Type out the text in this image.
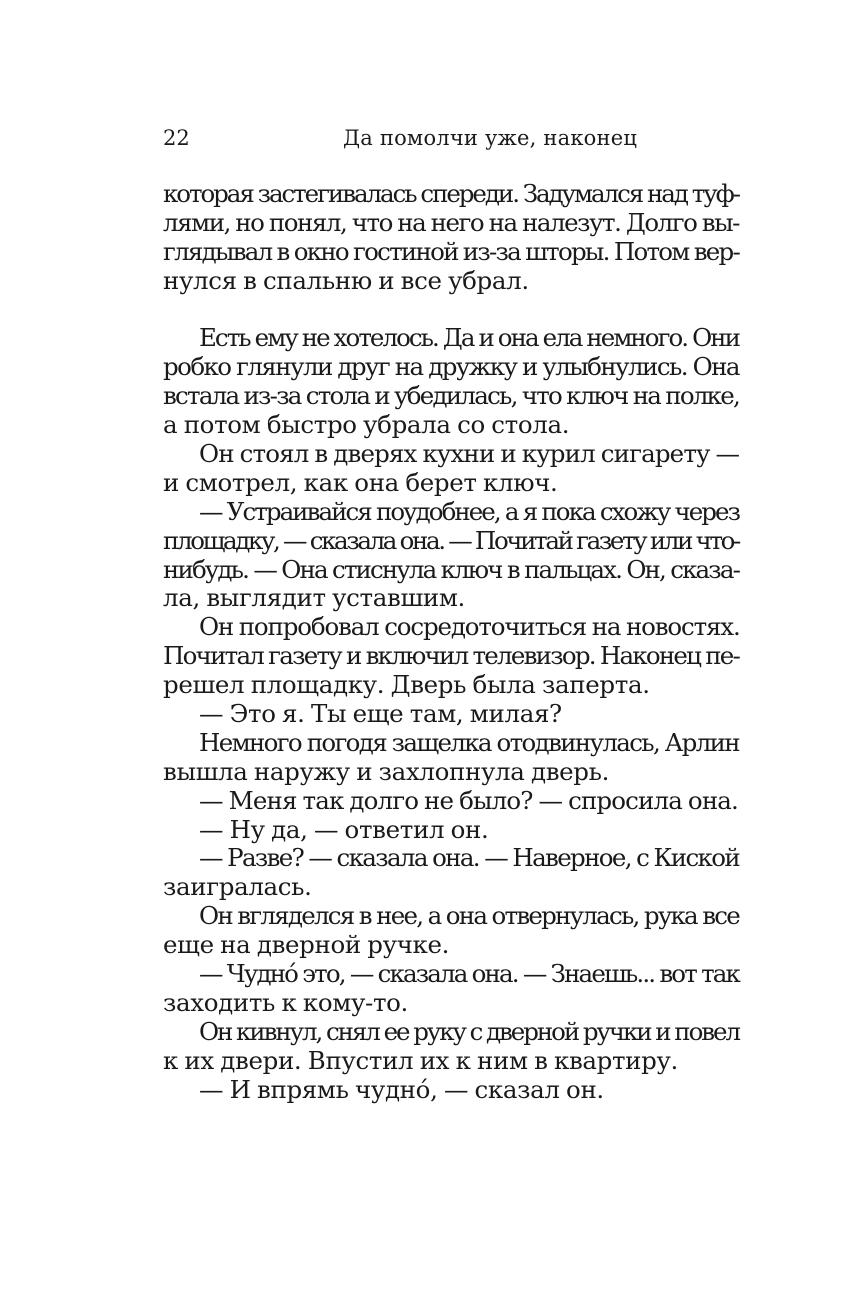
22	Да помолчи уже, наконец
которая застегивалась спереди. Задумался над туф-
лями, но понял, что на него на налезут. Долго вы-
глядывал в окно гостиной из-за шторы. Потом вер-
нулся в спальню и все убрал.
Есть ему не хотелось. Да и она ела немного. Они
робко глянули друг на дружку и улыбнулись. Она
встала из-за стола и убедилась, что ключ на полке,
а потом быстро убрала со стола.
Он стоял в дверях кухни и курил сигарету —
и смотрел, как она берет ключ.
— Устраивайся поудобнее, а я пока схожу через
площадку, — сказала она. — Почитай газету или что-
нибудь. — Она стиснула ключ в пальцах. Он, сказа-
ла, выглядит уставшим.
Он попробовал сосредоточиться на новостях.
Почитал газету и включил телевизор. Наконец пе-
решел площадку. Дверь была заперта.
— Это я. Ты еще там, милая?
Немного погодя защелка отодвинулась, Арлин
вышла наружу и захлопнула дверь.
— Меня так долго не было? — спросила она.
— Ну да, — ответил он.
— Разве? — сказала она. — Наверное, с Киской
заигралась.
Он вгляделся в нее, а она отвернулась, рука все
еще на дверной ручке.
— Чудно́ это, — сказала она. — Знаешь... вот так
заходить к кому-то.
Он кивнул, снял ее руку с дверной ручки и повел
к их двери. Впустил их к ним в квартиру.
— И впрямь чудно́, — сказал он.
